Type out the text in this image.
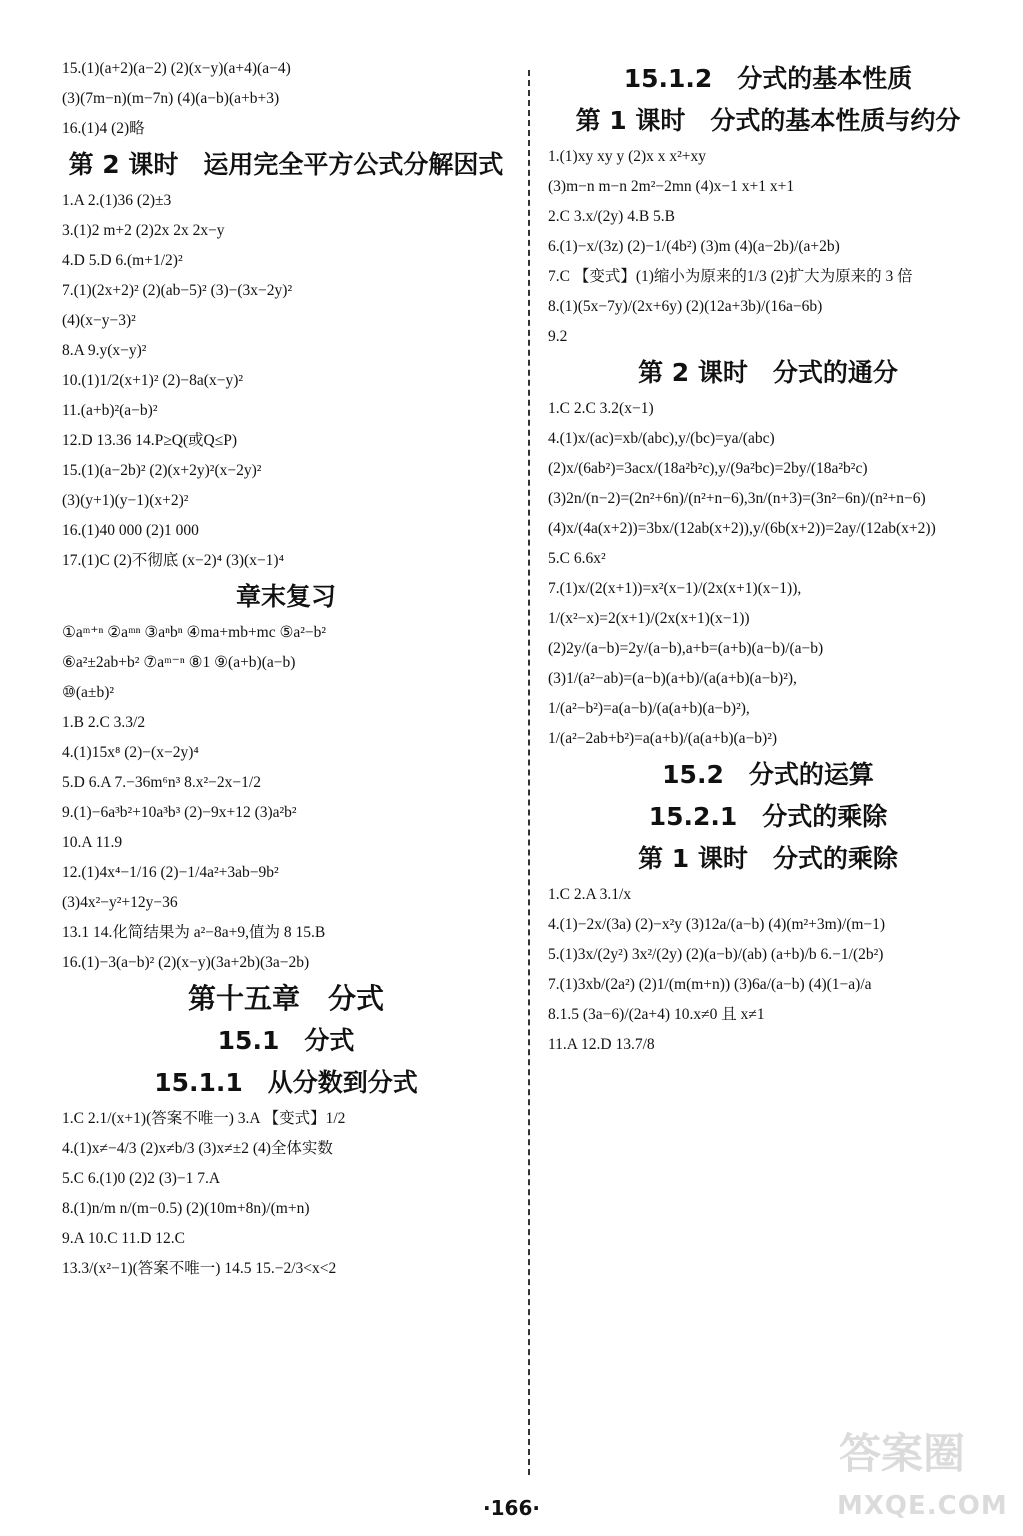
15.(1)(a+2)(a−2) (2)(x−y)(a+4)(a−4)
(3)(7m−n)(m−7n) (4)(a−b)(a+b+3)
16.(1)4 (2)略
第 2 课时　运用完全平方公式分解因式
1.A 2.(1)36 (2)±3
3.(1)2 m+2 (2)2x 2x 2x−y
4.D 5.D 6.(m+1/2)²
7.(1)(2x+2)² (2)(ab−5)² (3)−(3x−2y)²
(4)(x−y−3)²
8.A 9.y(x−y)²
10.(1)1/2(x+1)² (2)−8a(x−y)²
11.(a+b)²(a−b)²
12.D 13.36 14.P≥Q(或Q≤P)
15.(1)(a−2b)² (2)(x+2y)²(x−2y)²
(3)(y+1)(y−1)(x+2)²
16.(1)40 000 (2)1 000
17.(1)C (2)不彻底 (x−2)⁴ (3)(x−1)⁴
章末复习
①aᵐ⁺ⁿ ②aᵐⁿ ③aⁿbⁿ ④ma+mb+mc ⑤a²−b²
⑥a²±2ab+b² ⑦aᵐ⁻ⁿ ⑧1 ⑨(a+b)(a−b)
⑩(a±b)²
1.B 2.C 3.3/2
4.(1)15x⁸ (2)−(x−2y)⁴
5.D 6.A 7.−36m⁶n³ 8.x²−2x−1/2
9.(1)−6a³b²+10a³b³ (2)−9x+12 (3)a²b²
10.A 11.9
12.(1)4x⁴−1/16 (2)−1/4a²+3ab−9b²
(3)4x²−y²+12y−36
13.1 14.化简结果为 a²−8a+9,值为 8 15.B
16.(1)−3(a−b)² (2)(x−y)(3a+2b)(3a−2b)
第十五章　分式
15.1　分式
15.1.1　从分数到分式
1.C 2.1/(x+1)(答案不唯一) 3.A 【变式】1/2
4.(1)x≠−4/3 (2)x≠b/3 (3)x≠±2 (4)全体实数
5.C 6.(1)0 (2)2 (3)−1 7.A
8.(1)n/m n/(m−0.5) (2)(10m+8n)/(m+n)
9.A 10.C 11.D 12.C
13.3/(x²−1)(答案不唯一) 14.5 15.−2/3<x<2
15.1.2　分式的基本性质
第 1 课时　分式的基本性质与约分
1.(1)xy xy y (2)x x x²+xy
(3)m−n m−n 2m²−2mn (4)x−1 x+1 x+1
2.C 3.x/(2y) 4.B 5.B
6.(1)−x/(3z) (2)−1/(4b²) (3)m (4)(a−2b)/(a+2b)
7.C 【变式】(1)缩小为原来的1/3 (2)扩大为原来的 3 倍
8.(1)(5x−7y)/(2x+6y) (2)(12a+3b)/(16a−6b)
9.2
第 2 课时　分式的通分
1.C 2.C 3.2(x−1)
4.(1)x/(ac)=xb/(abc),y/(bc)=ya/(abc)
(2)x/(6ab²)=3acx/(18a²b²c),y/(9a²bc)=2by/(18a²b²c)
(3)2n/(n−2)=(2n²+6n)/(n²+n−6),3n/(n+3)=(3n²−6n)/(n²+n−6)
(4)x/(4a(x+2))=3bx/(12ab(x+2)),y/(6b(x+2))=2ay/(12ab(x+2))
5.C 6.6x²
7.(1)x/(2(x+1))=x²(x−1)/(2x(x+1)(x−1)),
1/(x²−x)=2(x+1)/(2x(x+1)(x−1))
(2)2y/(a−b)=2y/(a−b),a+b=(a+b)(a−b)/(a−b)
(3)1/(a²−ab)=(a−b)(a+b)/(a(a+b)(a−b)²),
1/(a²−b²)=a(a−b)/(a(a+b)(a−b)²),
1/(a²−2ab+b²)=a(a+b)/(a(a+b)(a−b)²)
15.2　分式的运算
15.2.1　分式的乘除
第 1 课时　分式的乘除
1.C 2.A 3.1/x
4.(1)−2x/(3a) (2)−x²y (3)12a/(a−b) (4)(m²+3m)/(m−1)
5.(1)3x/(2y²) 3x²/(2y) (2)(a−b)/(ab) (a+b)/b 6.−1/(2b²)
7.(1)3xb/(2a²) (2)1/(m(m+n)) (3)6a/(a−b) (4)(1−a)/a
8.1.5 (3a−6)/(2a+4) 10.x≠0 且 x≠1
11.A 12.D 13.7/8
·166·
答案圈
MXQE.COM
